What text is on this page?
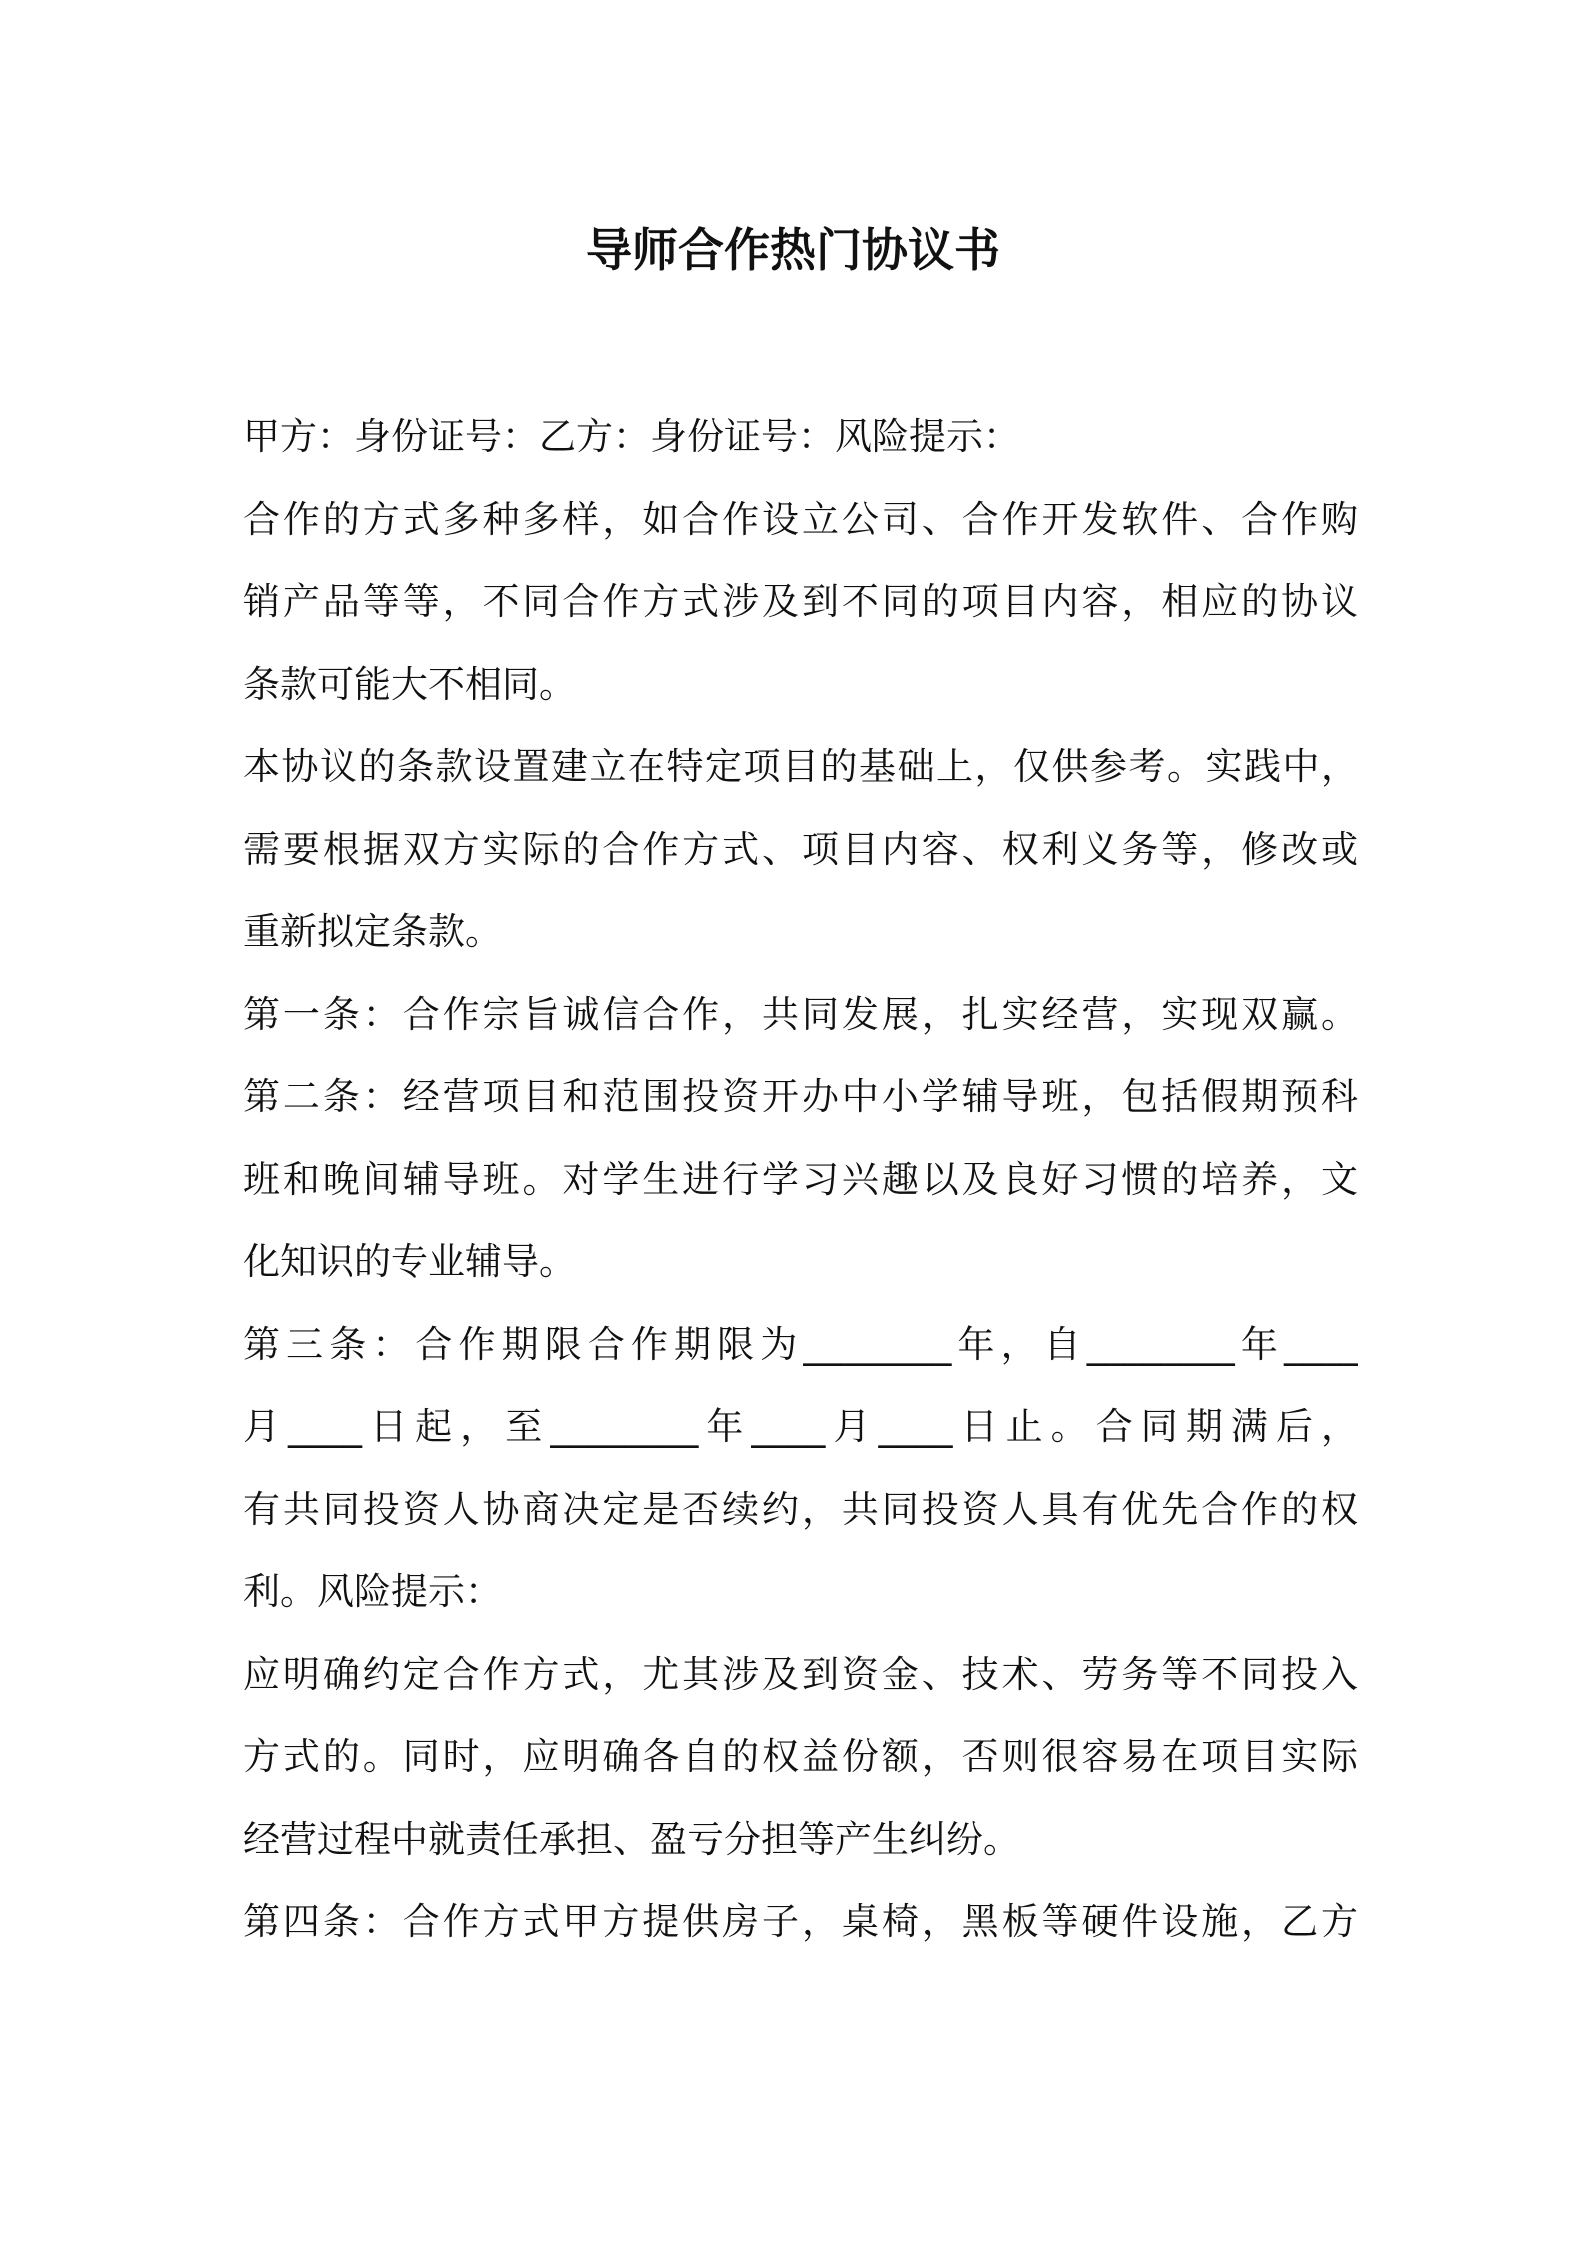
导师合作热门协议书
甲方：身份证号：乙方：身份证号：风险提示：
合作的方式多种多样，如合作设立公司、合作开发软件、合作购
销产品等等，不同合作方式涉及到不同的项目内容，相应的协议
条款可能大不相同。
本协议的条款设置建立在特定项目的基础上，仅供参考。实践中，
需要根据双方实际的合作方式、项目内容、权利义务等，修改或
重新拟定条款。
第一条：合作宗旨诚信合作，共同发展，扎实经营，实现双赢。
第二条：经营项目和范围投资开办中小学辅导班，包括假期预科
班和晚间辅导班。对学生进行学习兴趣以及良好习惯的培养，文
化知识的专业辅导。
第三条：合作期限合作期限为________年，自________年____
月____日起，至________年____月____日止。合同期满后，
有共同投资人协商决定是否续约，共同投资人具有优先合作的权
利。风险提示：
应明确约定合作方式，尤其涉及到资金、技术、劳务等不同投入
方式的。同时，应明确各自的权益份额，否则很容易在项目实际
经营过程中就责任承担、盈亏分担等产生纠纷。
第四条：合作方式甲方提供房子，桌椅，黑板等硬件设施，乙方
